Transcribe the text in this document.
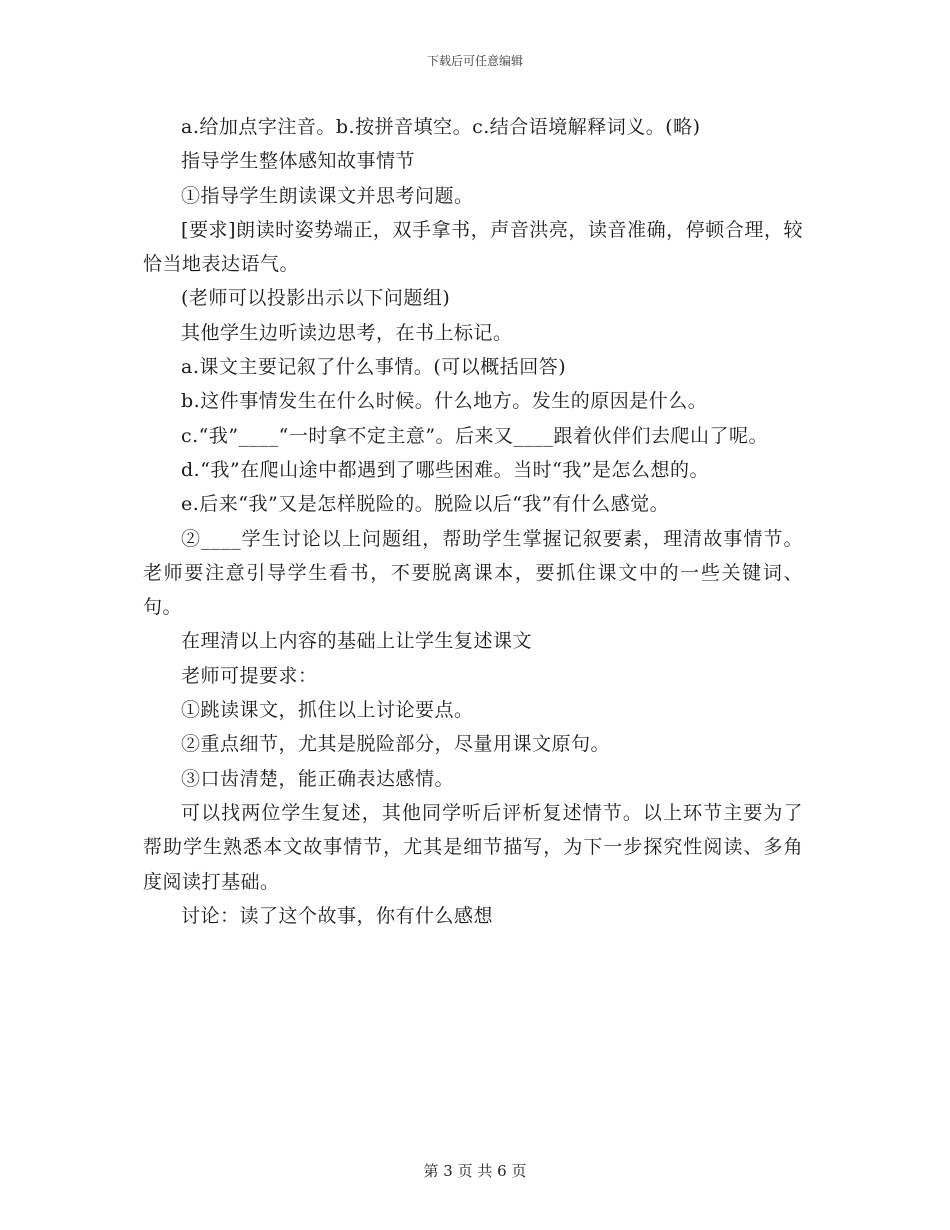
下载后可任意编辑

a.给加点字注音。b.按拼音填空。c.结合语境解释词义。(略)

指导学生整体感知故事情节

①指导学生朗读课文并思考问题。

[要求]朗读时姿势端正，双手拿书，声音洪亮，读音准确，停顿合理，较恰当地表达语气。

(老师可以投影出示以下问题组)

其他学生边听读边思考，在书上标记。

a.课文主要记叙了什么事情。(可以概括回答)

b.这件事情发生在什么时候。什么地方。发生的原因是什么。

c.“我”____“一时拿不定主意”。后来又____跟着伙伴们去爬山了呢。

d.“我”在爬山途中都遇到了哪些困难。当时“我”是怎么想的。

e.后来“我”又是怎样脱险的。脱险以后“我”有什么感觉。

②____学生讨论以上问题组，帮助学生掌握记叙要素，理清故事情节。老师要注意引导学生看书，不要脱离课本，要抓住课文中的一些关键词、句。

在理清以上内容的基础上让学生复述课文

老师可提要求：

①跳读课文，抓住以上讨论要点。

②重点细节，尤其是脱险部分，尽量用课文原句。

③口齿清楚，能正确表达感情。

可以找两位学生复述，其他同学听后评析复述情节。以上环节主要为了帮助学生熟悉本文故事情节，尤其是细节描写，为下一步探究性阅读、多角度阅读打基础。

讨论：读了这个故事，你有什么感想

第 3 页 共 6 页
